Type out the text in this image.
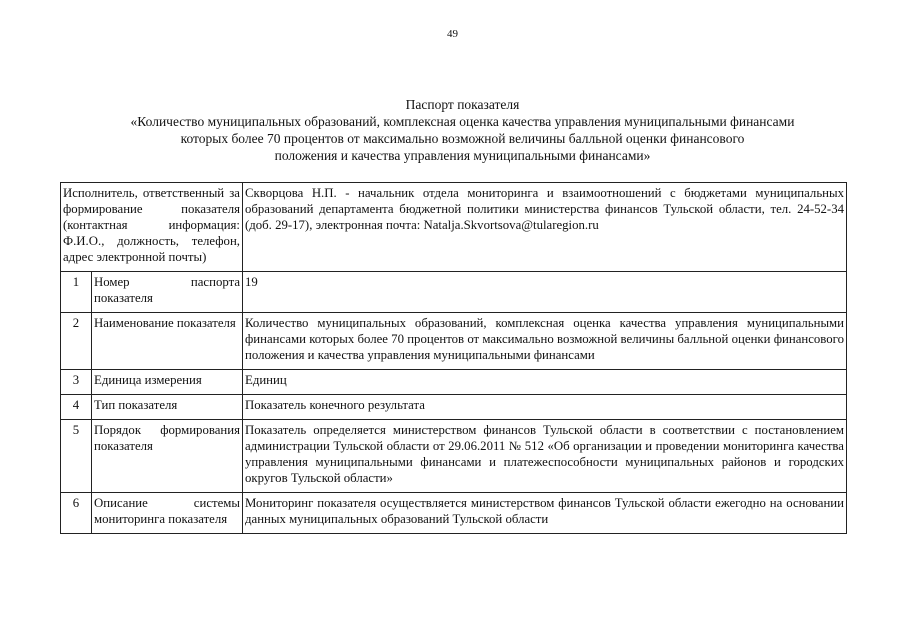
49
Паспорт показателя
«Количество муниципальных образований, комплексная оценка качества управления муниципальными финансами
которых более 70 процентов от максимально возможной величины балльной оценки финансового
положения и качества управления муниципальными финансами»
Исполнитель, ответственный за формирование показателя (контактная информация: Ф.И.О., должность, телефон, адрес электронной почты)		Скворцова Н.П. - начальник отдела мониторинга и взаимоотношений с бюджетами муниципальных образований департамента бюджетной политики министерства финансов Тульской области, тел. 24-52-34 (доб. 29-17), электронная почта: Natalja.Skvortsova@tularegion.ru
1	Номер паспорта показателя	19
2	Наименование показателя	Количество муниципальных образований, комплексная оценка качества управления муниципальными финансами которых более 70 процентов от максимально возможной величины балльной оценки финансового положения и качества управления муниципальными финансами
3	Единица измерения	Единиц
4	Тип показателя	Показатель конечного результата
5	Порядок формирования показателя	Показатель определяется министерством финансов Тульской области в соответствии с постановлением администрации Тульской области от 29.06.2011 № 512 «Об организации и проведении мониторинга качества управления муниципальными финансами и платежеспособности муниципальных районов и городских округов Тульской области»
6	Описание системы мониторинга показателя	Мониторинг показателя осуществляется министерством финансов Тульской области ежегодно на основании данных муниципальных образований Тульской области
